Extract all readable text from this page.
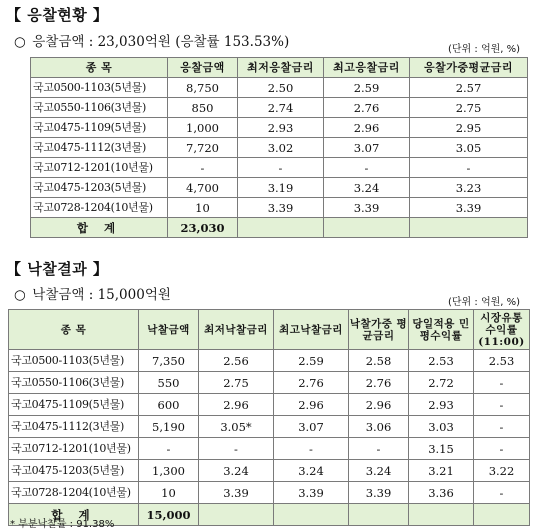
【 응찰현황 】
○ 응찰금액 : 23,030억원 (응찰률 153.53%)	(단위 : 억원, %)
종 목	응찰금액	최저응찰금리	최고응찰금리	응찰가중평균금리
국고0500-1103(5년물)	8,750	2.50	2.59	2.57
국고0550-1106(3년물)	850	2.74	2.76	2.75
국고0475-1109(5년물)	1,000	2.93	2.96	2.95
국고0475-1112(3년물)	7,720	3.02	3.07	3.05
국고0712-1201(10년물)	-	-	-	-
국고0475-1203(5년물)	4,700	3.19	3.24	3.23
국고0728-1204(10년물)	10	3.39	3.39	3.39
합 계	23,030			
【 낙찰결과 】
○ 낙찰금액 : 15,000억원	(단위 : 억원, %)
종 목	낙찰금액	최저낙찰금리	최고낙찰금리	낙찰가중 평균금리	당일적용 민평수익률	시장유통 수익률 (11:00)
국고0500-1103(5년물)	7,350	2.56	2.59	2.58	2.53	2.53
국고0550-1106(3년물)	550	2.75	2.76	2.76	2.72	-
국고0475-1109(5년물)	600	2.96	2.96	2.96	2.93	-
국고0475-1112(3년물)	5,190	3.05*	3.07	3.06	3.03	-
국고0712-1201(10년물)	-	-	-	-	3.15	-
국고0475-1203(5년물)	1,300	3.24	3.24	3.24	3.21	3.22
국고0728-1204(10년물)	10	3.39	3.39	3.39	3.36	-
합 계	15,000					
* 부분낙찰률 : 91.38%
